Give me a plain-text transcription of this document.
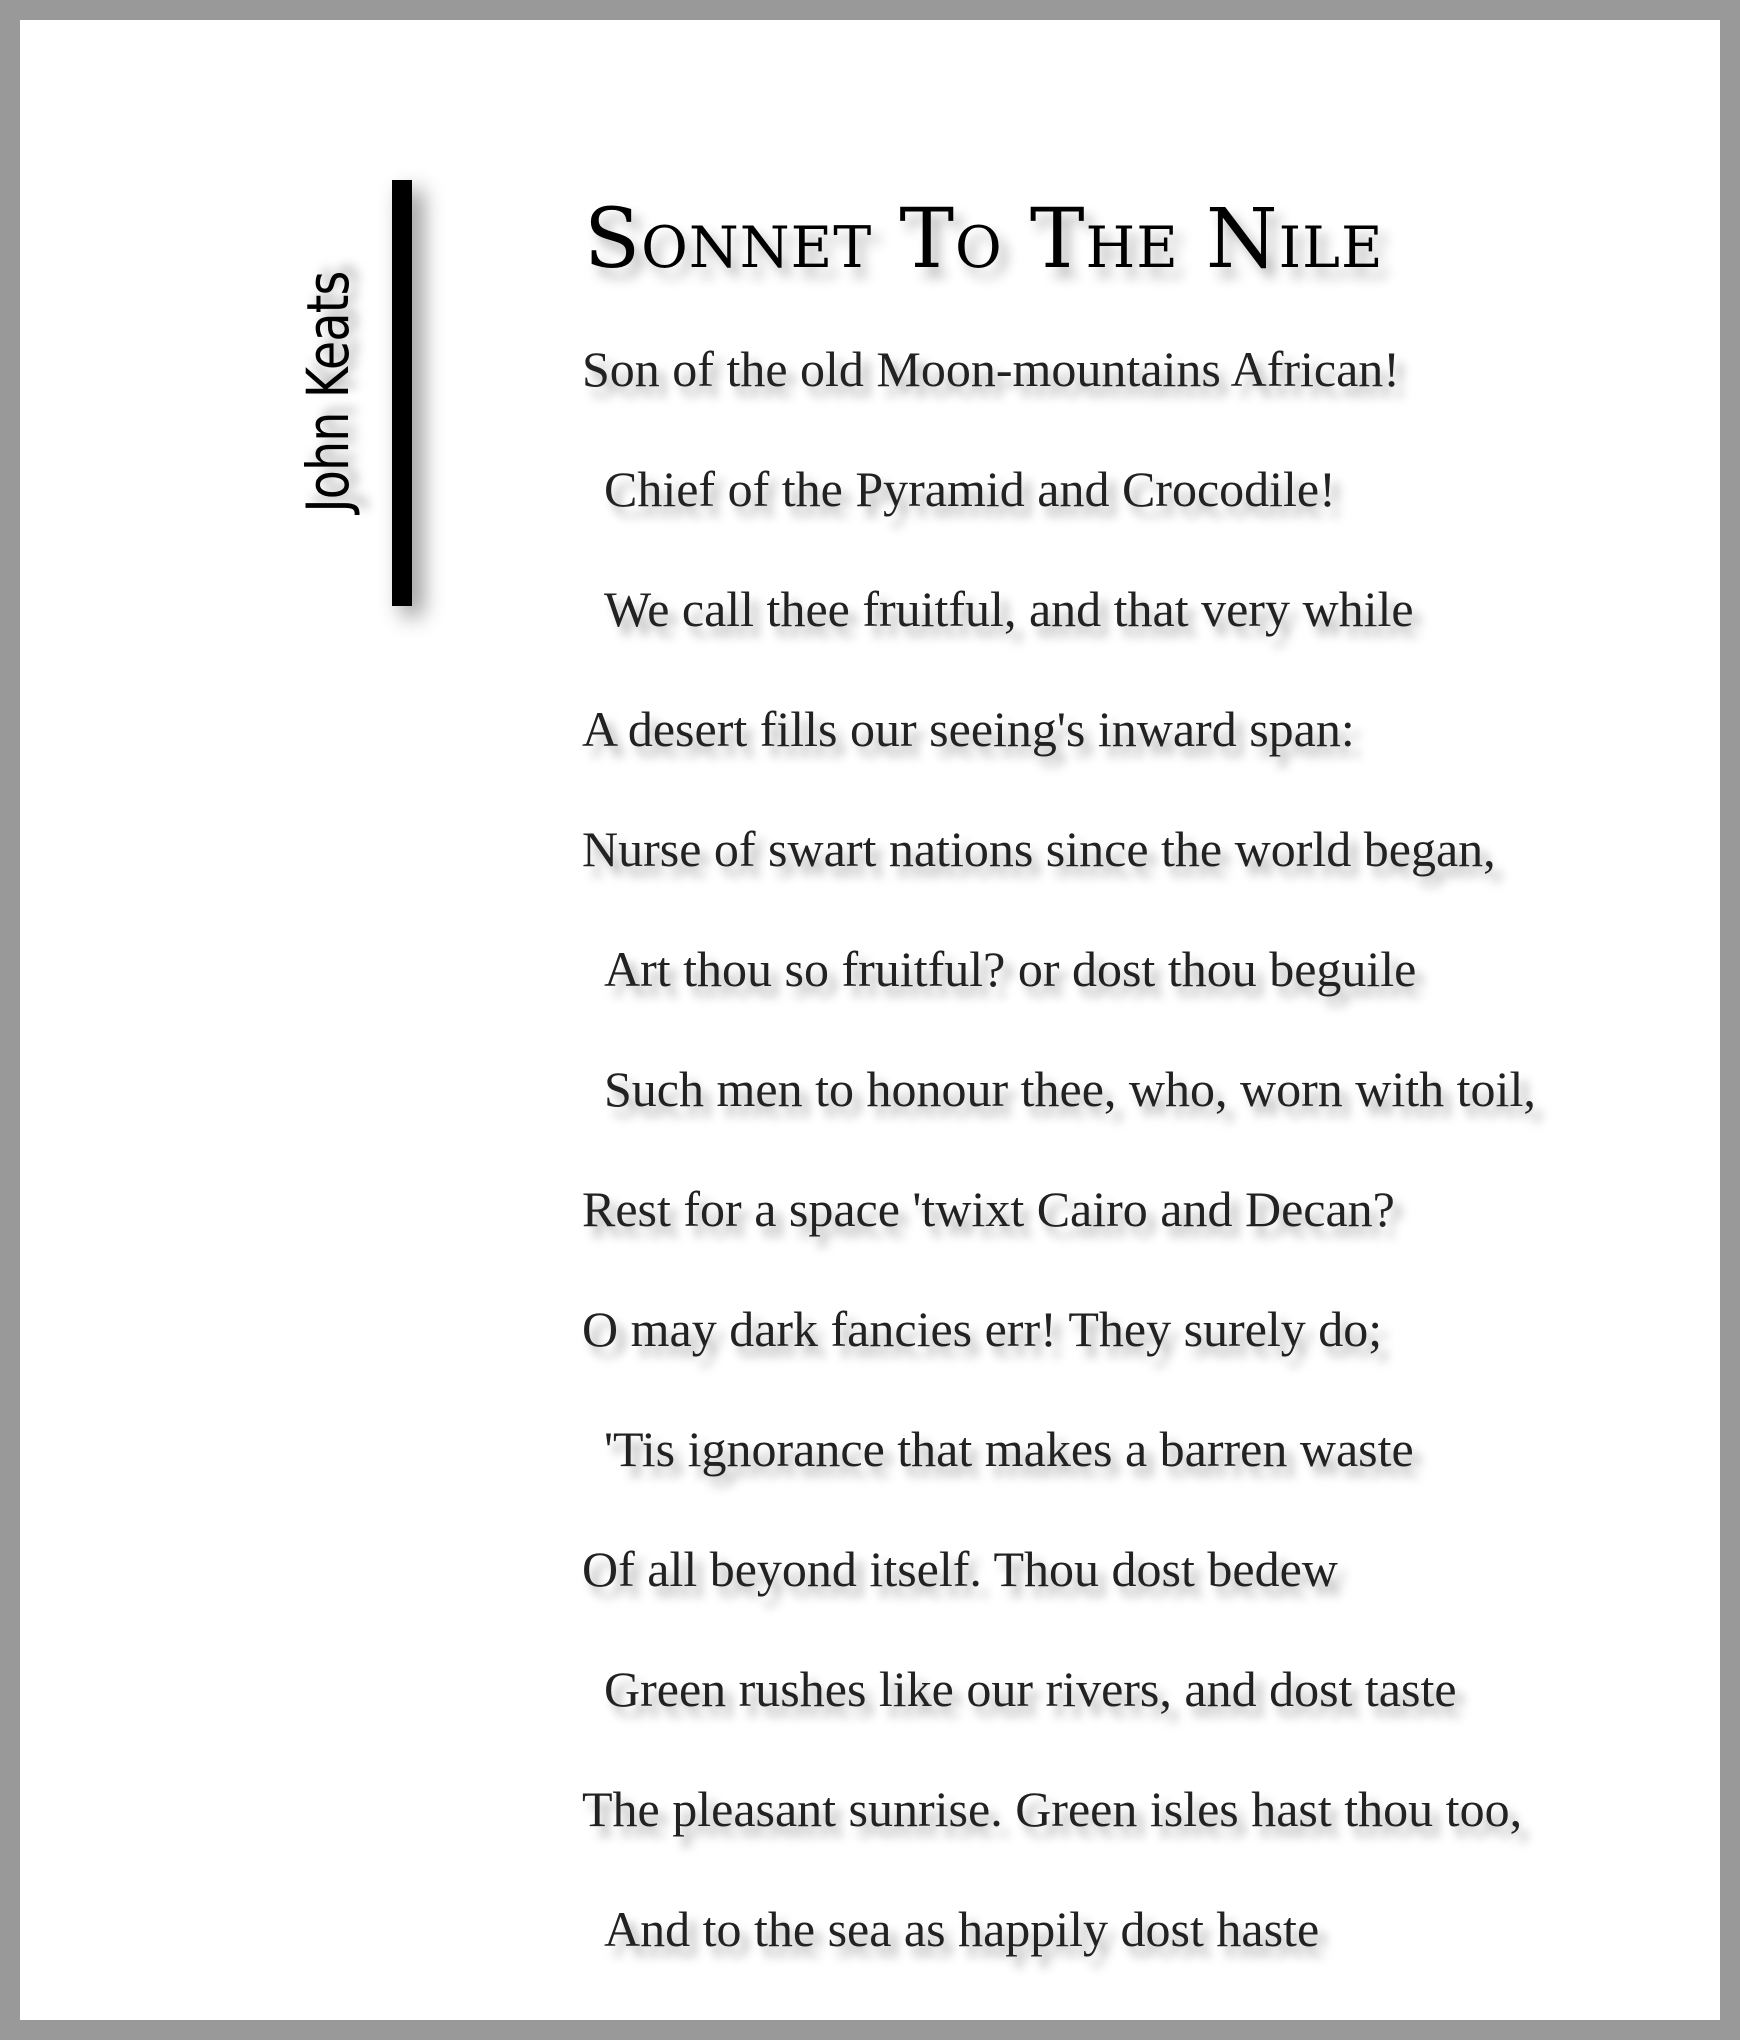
John Keats
Sonnet To The Nile
Son of the old Moon-mountains African!
Chief of the Pyramid and Crocodile!
We call thee fruitful, and that very while
A desert fills our seeing's inward span:
Nurse of swart nations since the world began,
Art thou so fruitful? or dost thou beguile
Such men to honour thee, who, worn with toil,
Rest for a space 'twixt Cairo and Decan?
O may dark fancies err! They surely do;
'Tis ignorance that makes a barren waste
Of all beyond itself. Thou dost bedew
Green rushes like our rivers, and dost taste
The pleasant sunrise. Green isles hast thou too,
And to the sea as happily dost haste
